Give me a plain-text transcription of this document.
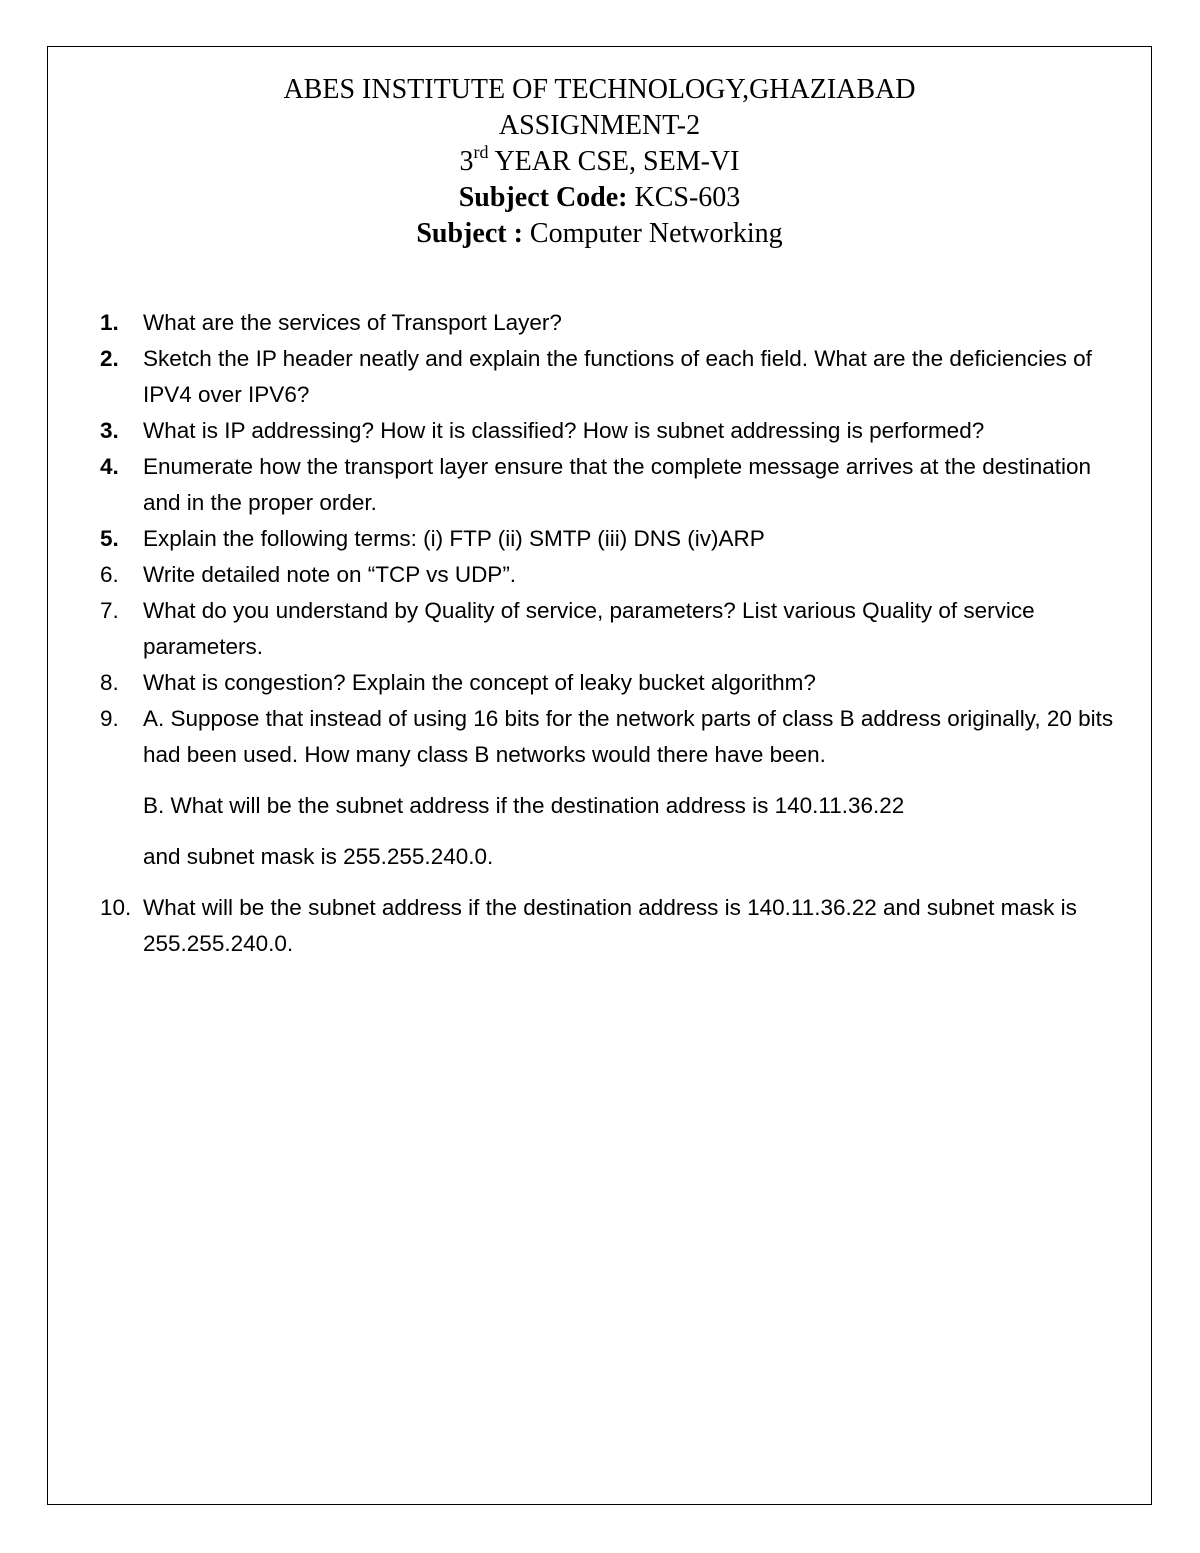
ABES INSTITUTE OF TECHNOLOGY,GHAZIABAD
ASSIGNMENT-2
3rd YEAR CSE, SEM-VI
Subject Code: KCS-603
Subject : Computer Networking
1.	What are the services of Transport Layer?
2.	Sketch the IP header neatly and explain the functions of each field. What are the deficiencies of IPV4 over IPV6?
3.	What is IP addressing? How it is classified? How is subnet addressing is performed?
4.	Enumerate how the transport layer ensure that the complete message arrives at the destination and in the proper order.
5.	Explain the following terms: (i) FTP (ii) SMTP (iii) DNS (iv)ARP
6.	Write detailed note on “TCP vs UDP”.
7.	What do you understand by Quality of service, parameters? List various Quality of service parameters.
8.	What is congestion? Explain the concept of leaky bucket algorithm?
9.	A. Suppose that instead of using 16 bits for the network parts of class B address originally, 20 bits had been used. How many class B networks would there have been.
B. What will be the subnet address if the destination address is 140.11.36.22
and subnet mask is 255.255.240.0.
10. What will be the subnet address if the destination address is 140.11.36.22 and subnet mask is 255.255.240.0.
